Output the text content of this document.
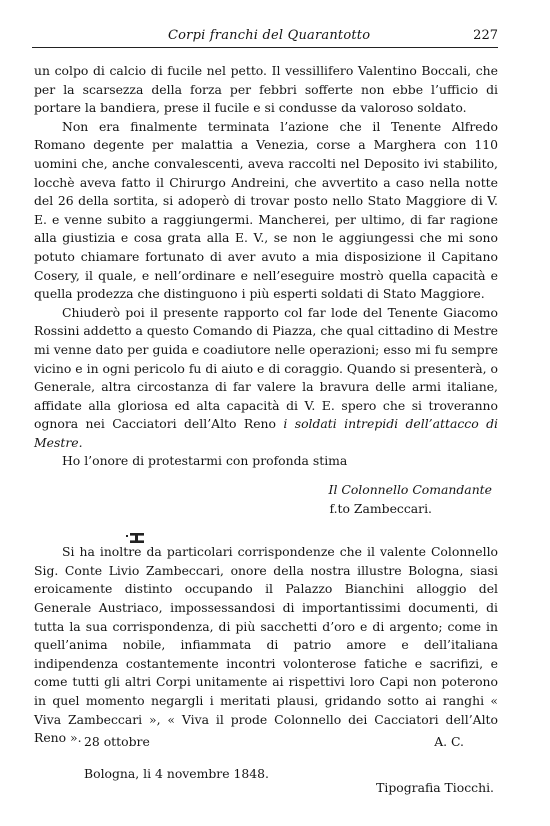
Corpi franchi del Quarantotto	227

un colpo di calcio di fucile nel petto. Il vessillifero Valentino Boccali, che per la scarsezza della forza per febbri sofferte non ebbe l’ufficio di portare la bandiera, prese il fucile e si condusse da valoroso soldato.

Non era finalmente terminata l’azione che il Tenente Alfredo Romano degente per malattia a Venezia, corse a Marghera con 110 uomini che, anche convalescenti, aveva raccolti nel Deposito ivi stabilito, locchè aveva fatto il Chirurgo Andreini, che avvertito a caso nella notte del 26 della sortita, si adoperò di trovar posto nello Stato Maggiore di V. E. e venne subito a raggiungermi. Mancherei, per ultimo, di far ragione alla giustizia e cosa grata alla E. V., se non le aggiungessi che mi sono potuto chiamare fortunato di aver avuto a mia disposizione il Capitano Cosery, il quale, e nell’ordinare e nell’eseguire mostrò quella capacità e quella prodezza che distinguono i più esperti soldati di Stato Maggiore.

Chiuderò poi il presente rapporto col far lode del Tenente Giacomo Rossini addetto a questo Comando di Piazza, che qual cittadino di Mestre mi venne dato per guida e coadiutore nelle operazioni; esso mi fu sempre vicino e in ogni pericolo fu di aiuto e di coraggio. Quando si presenterà, o Generale, altra circostanza di far valere la bravura delle armi italiane, affidate alla gloriosa ed alta capacità di V. E. spero che si troveranno ognora nei Cacciatori dell’Alto Reno i soldati intrepidi dell’attacco di Mestre.

Ho l’onore di protestarmi con profonda stima

Il Colonnello Comandante

f.to Zambeccari.

Si ha inoltre da particolari corrispondenze che il valente Colonnello Sig. Conte Livio Zambeccari, onore della nostra illustre Bologna, siasi eroicamente distinto occupando il Palazzo Bianchini alloggio del Generale Austriaco, impossessandosi di importantissimi documenti, di tutta la sua corrispondenza, di più sacchetti d’oro e di argento; come in quell’anima nobile, infiammata di patrio amore e dell’italiana indipendenza costantemente incontri volonterose fatiche e sacrifizi, e come tutti gli altri Corpi unitamente ai rispettivi loro Capi non poterono in quel momento negargli i meritati plausi, gridando sotto ai ranghi « Viva Zambeccari », « Viva il prode Colonnello dei Cacciatori dell’Alto Reno ». 28 ottobre	A. C.
Bologna, li 4 novembre 1848.
Tipografia Tiocchi.
